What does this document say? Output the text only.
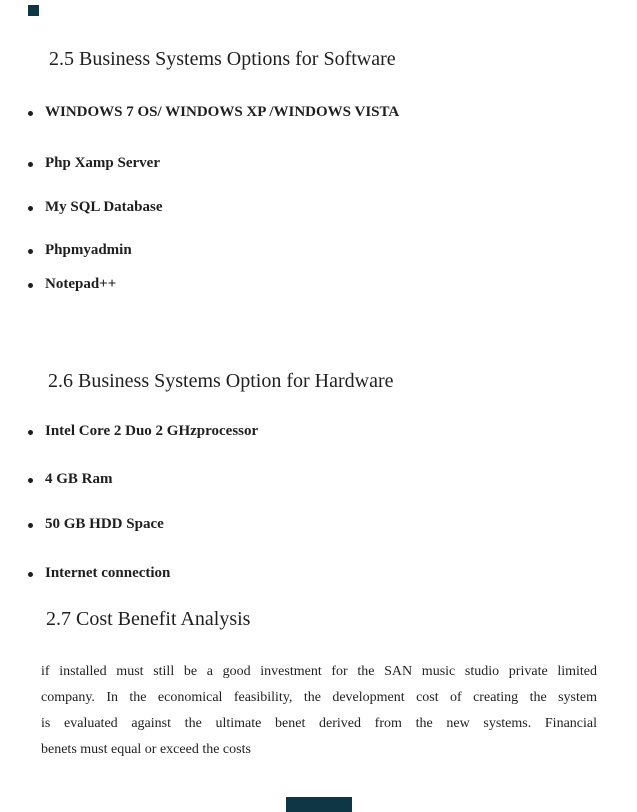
2.5 Business Systems Options for Software
WINDOWS 7 OS/ WINDOWS XP /WINDOWS VISTA
Php Xamp Server
My SQL Database
Phpmyadmin
Notepad++
2.6 Business Systems Option for Hardware
Intel Core 2 Duo 2 GHzprocessor
4 GB Ram
50 GB HDD Space
Internet connection
2.7 Cost Benefit Analysis
if installed must still be a good investment for the SAN music studio private limited
company. In the economical feasibility, the development cost of creating the system
is evaluated against the ultimate benet derived from the new systems. Financial
benets must equal or exceed the costs
